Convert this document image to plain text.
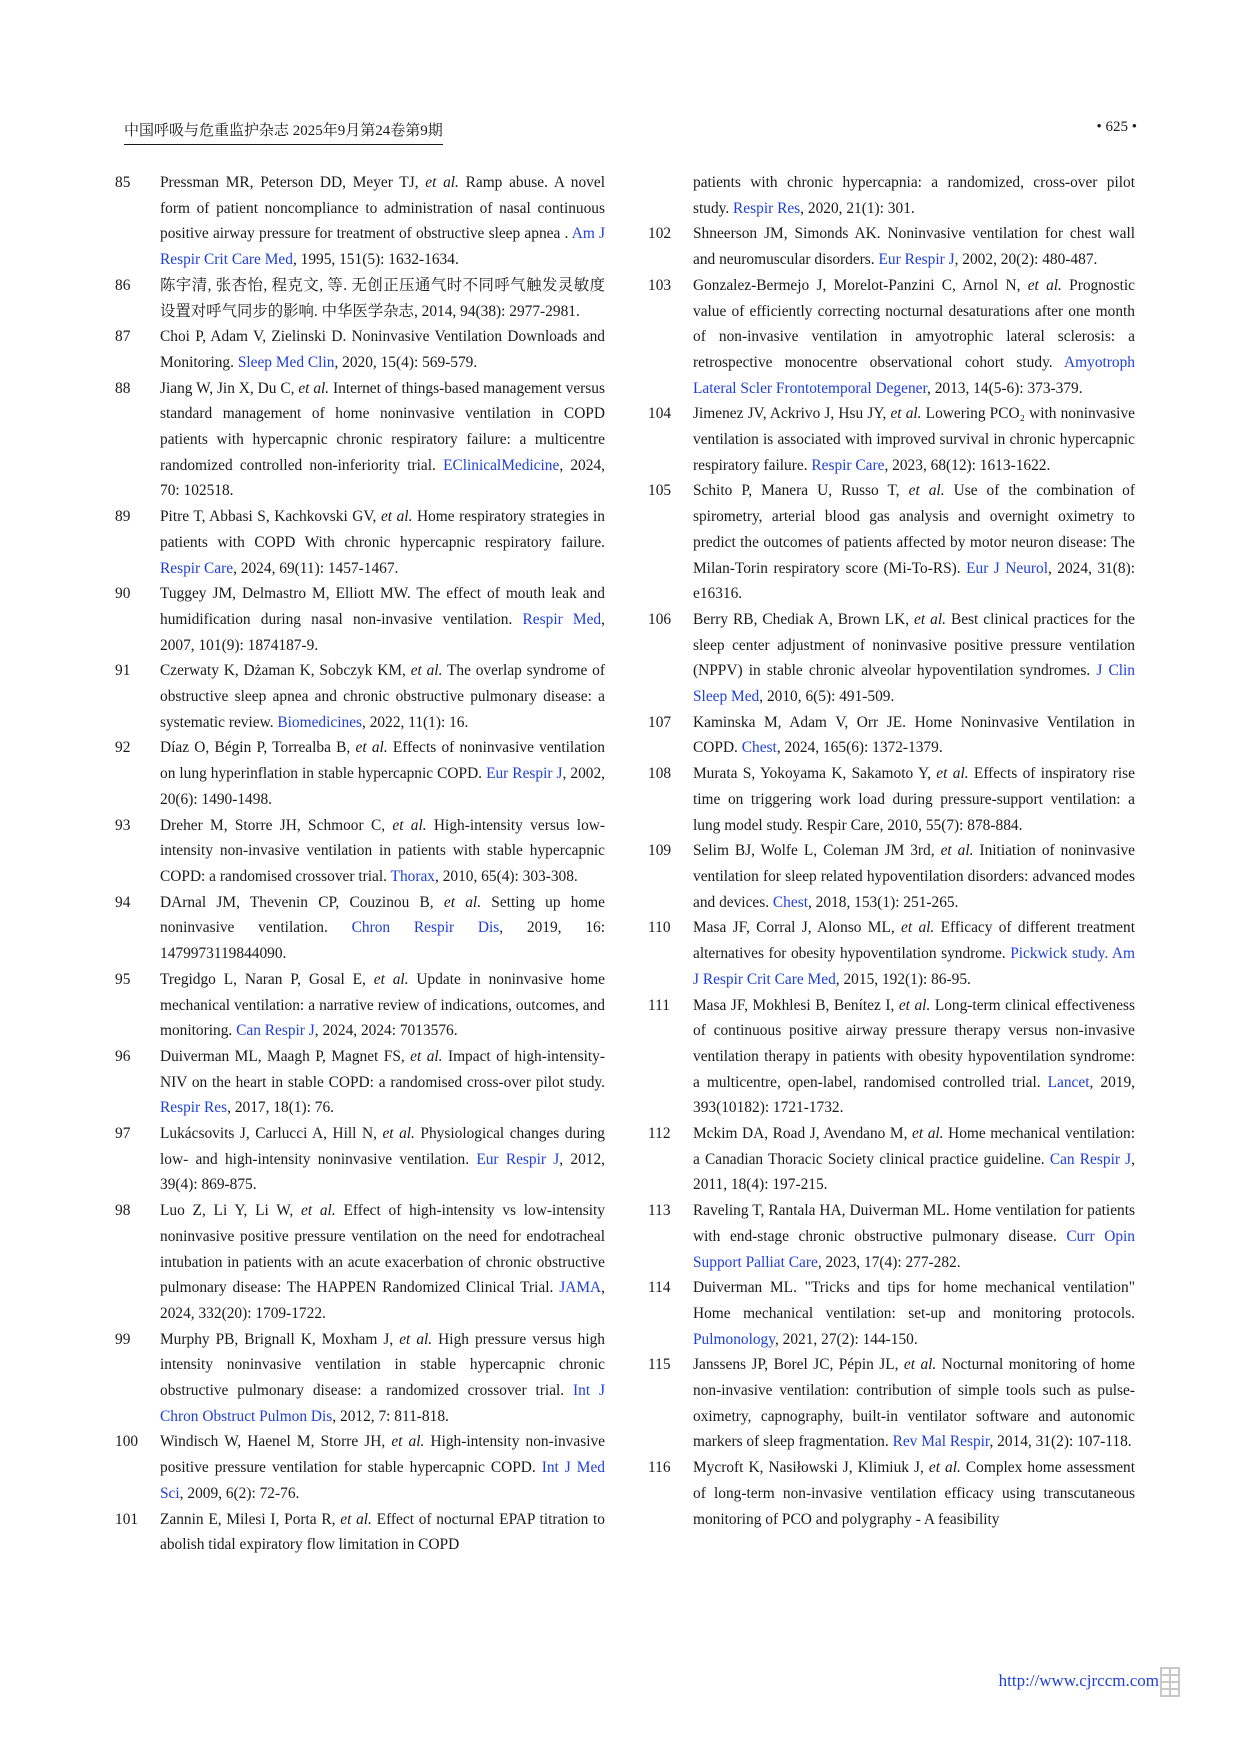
中国呼吸与危重监护杂志 2025年9月第24卷第9期	• 625 •
85	Pressman MR, Peterson DD, Meyer TJ, et al. Ramp abuse. A novel form of patient noncompliance to administration of nasal continuous positive airway pressure for treatment of obstructive sleep apnea . Am J Respir Crit Care Med, 1995, 151(5): 1632-1634.
86	陈宇清, 张杏怡, 程克文, 等. 无创正压通气时不同呼气触发灵敏度设置对呼气同步的影响. 中华医学杂志, 2014, 94(38): 2977-2981.
87	Choi P, Adam V, Zielinski D. Noninvasive Ventilation Downloads and Monitoring. Sleep Med Clin, 2020, 15(4): 569-579.
88	Jiang W, Jin X, Du C, et al. Internet of things-based management versus standard management of home noninvasive ventilation in COPD patients with hypercapnic chronic respiratory failure: a multicentre randomized controlled non-inferiority trial. EClinicalMedicine, 2024, 70: 102518.
89	Pitre T, Abbasi S, Kachkovski GV, et al. Home respiratory strategies in patients with COPD With chronic hypercapnic respiratory failure. Respir Care, 2024, 69(11): 1457-1467.
90	Tuggey JM, Delmastro M, Elliott MW. The effect of mouth leak and humidification during nasal non-invasive ventilation. Respir Med, 2007, 101(9): 1874187-9.
91	Czerwaty K, Dżaman K, Sobczyk KM, et al. The overlap syndrome of obstructive sleep apnea and chronic obstructive pulmonary disease: a systematic review. Biomedicines, 2022, 11(1): 16.
92	Díaz O, Bégin P, Torrealba B, et al. Effects of noninvasive ventilation on lung hyperinflation in stable hypercapnic COPD. Eur Respir J, 2002, 20(6): 1490-1498.
93	Dreher M, Storre JH, Schmoor C, et al. High-intensity versus low-intensity non-invasive ventilation in patients with stable hypercapnic COPD: a randomised crossover trial. Thorax, 2010, 65(4): 303-308.
94	DArnal JM, Thevenin CP, Couzinou B, et al. Setting up home noninvasive ventilation. Chron Respir Dis, 2019, 16: 1479973119844090.
95	Tregidgo L, Naran P, Gosal E, et al. Update in noninvasive home mechanical ventilation: a narrative review of indications, outcomes, and monitoring. Can Respir J, 2024, 2024: 7013576.
96	Duiverman ML, Maagh P, Magnet FS, et al. Impact of high-intensity-NIV on the heart in stable COPD: a randomised cross-over pilot study. Respir Res, 2017, 18(1): 76.
97	Lukácsovits J, Carlucci A, Hill N, et al. Physiological changes during low- and high-intensity noninvasive ventilation. Eur Respir J, 2012, 39(4): 869-875.
98	Luo Z, Li Y, Li W, et al. Effect of high-intensity vs low-intensity noninvasive positive pressure ventilation on the need for endotracheal intubation in patients with an acute exacerbation of chronic obstructive pulmonary disease: The HAPPEN Randomized Clinical Trial. JAMA, 2024, 332(20): 1709-1722.
99	Murphy PB, Brignall K, Moxham J, et al. High pressure versus high intensity noninvasive ventilation in stable hypercapnic chronic obstructive pulmonary disease: a randomized crossover trial. Int J Chron Obstruct Pulmon Dis, 2012, 7: 811-818.
100	Windisch W, Haenel M, Storre JH, et al. High-intensity non-invasive positive pressure ventilation for stable hypercapnic COPD. Int J Med Sci, 2009, 6(2): 72-76.
101	Zannin E, Milesi I, Porta R, et al. Effect of nocturnal EPAP titration to abolish tidal expiratory flow limitation in COPD
patients with chronic hypercapnia: a randomized, cross-over pilot study. Respir Res, 2020, 21(1): 301.
102	Shneerson JM, Simonds AK. Noninvasive ventilation for chest wall and neuromuscular disorders. Eur Respir J, 2002, 20(2): 480-487.
103	Gonzalez-Bermejo J, Morelot-Panzini C, Arnol N, et al. Prognostic value of efficiently correcting nocturnal desaturations after one month of non-invasive ventilation in amyotrophic lateral sclerosis: a retrospective monocentre observational cohort study. Amyotroph Lateral Scler Frontotemporal Degener, 2013, 14(5-6): 373-379.
104	Jimenez JV, Ackrivo J, Hsu JY, et al. Lowering PCO₂ with noninvasive ventilation is associated with improved survival in chronic hypercapnic respiratory failure. Respir Care, 2023, 68(12): 1613-1622.
105	Schito P, Manera U, Russo T, et al. Use of the combination of spirometry, arterial blood gas analysis and overnight oximetry to predict the outcomes of patients affected by motor neuron disease: The Milan-Torin respiratory score (Mi-To-RS). Eur J Neurol, 2024, 31(8): e16316.
106	Berry RB, Chediak A, Brown LK, et al. Best clinical practices for the sleep center adjustment of noninvasive positive pressure ventilation (NPPV) in stable chronic alveolar hypoventilation syndromes. J Clin Sleep Med, 2010, 6(5): 491-509.
107	Kaminska M, Adam V, Orr JE. Home Noninvasive Ventilation in COPD. Chest, 2024, 165(6): 1372-1379.
108	Murata S, Yokoyama K, Sakamoto Y, et al. Effects of inspiratory rise time on triggering work load during pressure-support ventilation: a lung model study. Respir Care, 2010, 55(7): 878-884.
109	Selim BJ, Wolfe L, Coleman JM 3rd, et al. Initiation of noninvasive ventilation for sleep related hypoventilation disorders: advanced modes and devices. Chest, 2018, 153(1): 251-265.
110	Masa JF, Corral J, Alonso ML, et al. Efficacy of different treatment alternatives for obesity hypoventilation syndrome. Pickwick study. Am J Respir Crit Care Med, 2015, 192(1): 86-95.
111	Masa JF, Mokhlesi B, Benítez I, et al. Long-term clinical effectiveness of continuous positive airway pressure therapy versus non-invasive ventilation therapy in patients with obesity hypoventilation syndrome: a multicentre, open-label, randomised controlled trial. Lancet, 2019, 393(10182): 1721-1732.
112	Mckim DA, Road J, Avendano M, et al. Home mechanical ventilation: a Canadian Thoracic Society clinical practice guideline. Can Respir J, 2011, 18(4): 197-215.
113	Raveling T, Rantala HA, Duiverman ML. Home ventilation for patients with end-stage chronic obstructive pulmonary disease. Curr Opin Support Palliat Care, 2023, 17(4): 277-282.
114	Duiverman ML. "Tricks and tips for home mechanical ventilation" Home mechanical ventilation: set-up and monitoring protocols. Pulmonology, 2021, 27(2): 144-150.
115	Janssens JP, Borel JC, Pépin JL, et al. Nocturnal monitoring of home non-invasive ventilation: contribution of simple tools such as pulse-oximetry, capnography, built-in ventilator software and autonomic markers of sleep fragmentation. Rev Mal Respir, 2014, 31(2): 107-118.
116	Mycroft K, Nasiłowski J, Klimiuk J, et al. Complex home assessment of long-term non-invasive ventilation efficacy using transcutaneous monitoring of PCO and polygraphy - A feasibility
http://www.cjrccm.com
